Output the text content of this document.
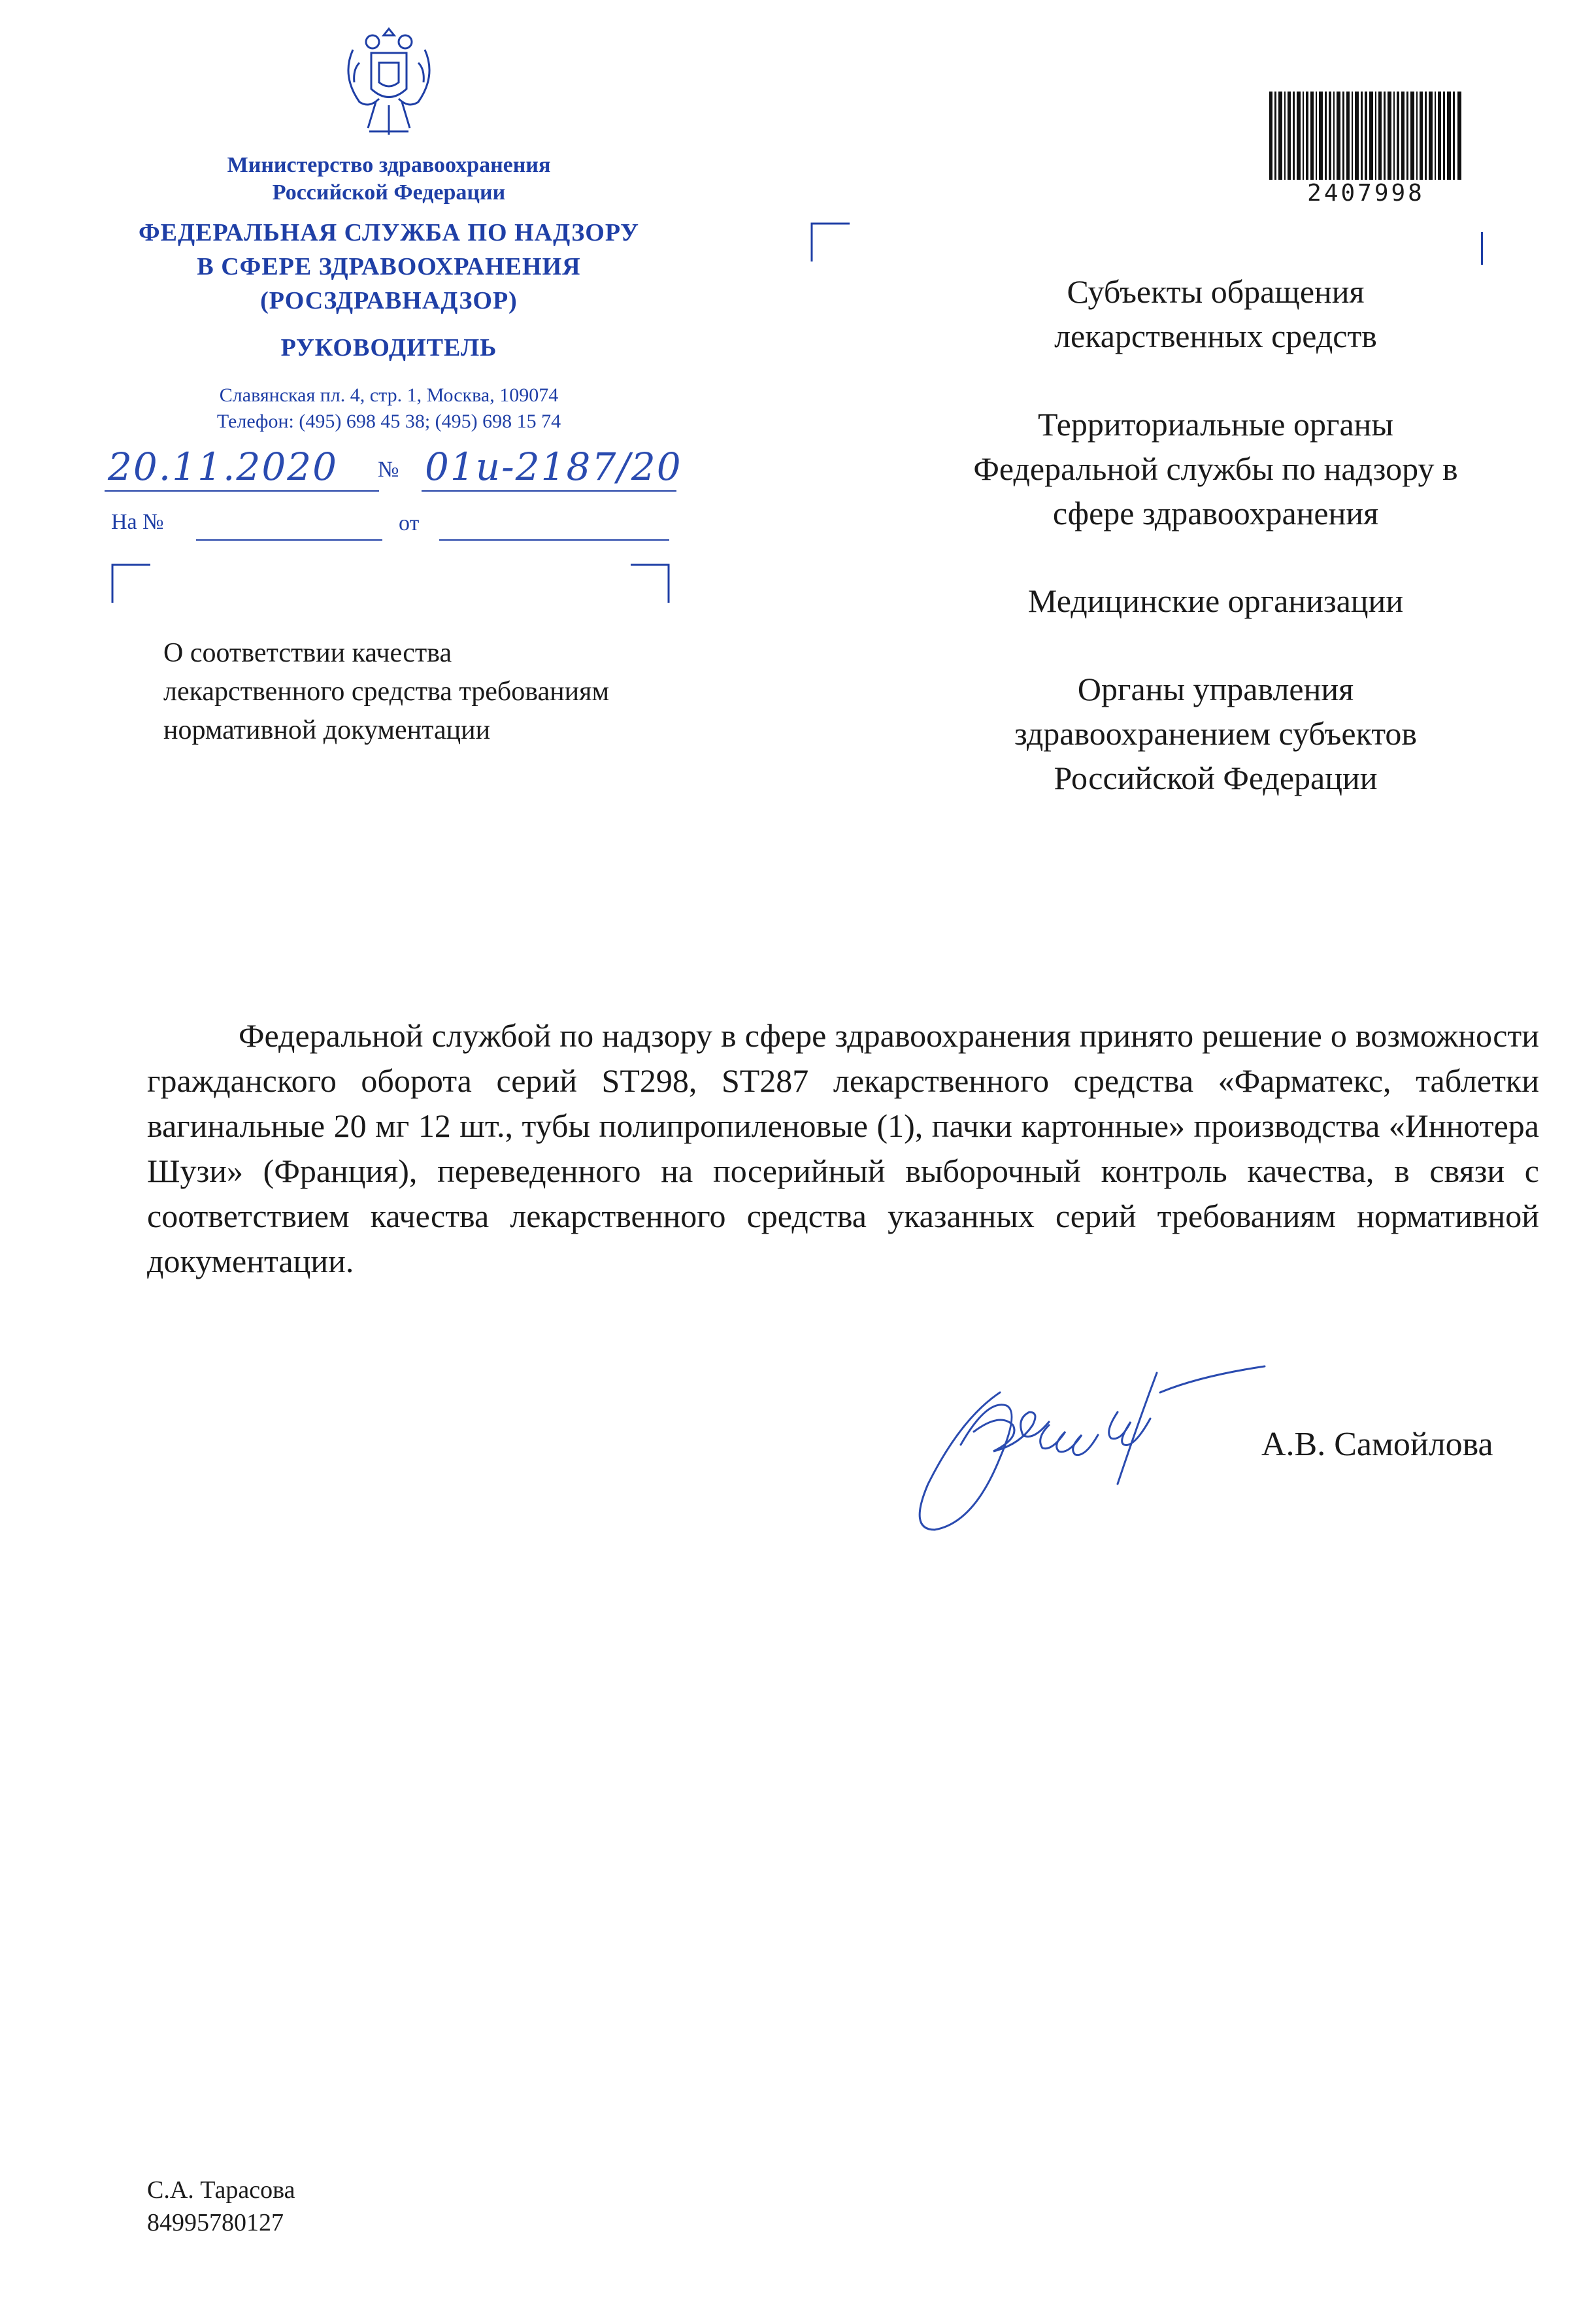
Министерство здравоохранения
Российской Федерации
ФЕДЕРАЛЬНАЯ СЛУЖБА ПО НАДЗОРУ
В СФЕРЕ ЗДРАВООХРАНЕНИЯ
(РОСЗДРАВНАДЗОР)
РУКОВОДИТЕЛЬ
Славянская пл. 4, стр. 1, Москва, 109074
Телефон: (495) 698 45 38; (495) 698 15 74
20.11.2020 № 01и-2187/20
На №	от
О соответствии качества
лекарственного средства требованиям
нормативной документации
2407998
Субъекты обращения
лекарственных средств
Территориальные органы
Федеральной службы по надзору в
сфере здравоохранения
Медицинские организации
Органы управления
здравоохранением субъектов
Российской Федерации
Федеральной службой по надзору в сфере здравоохранения принято решение о возможности гражданского оборота серий ST298, ST287 лекарственного средства «Фарматекс, таблетки вагинальные 20 мг 12 шт., тубы полипропиленовые (1), пачки картонные» производства «Иннотера Шузи» (Франция), переведенного на посерийный выборочный контроль качества, в связи с соответствием качества лекарственного средства указанных серий требованиям нормативной документации.
А.В. Самойлова
С.А. Тарасова
84995780127
